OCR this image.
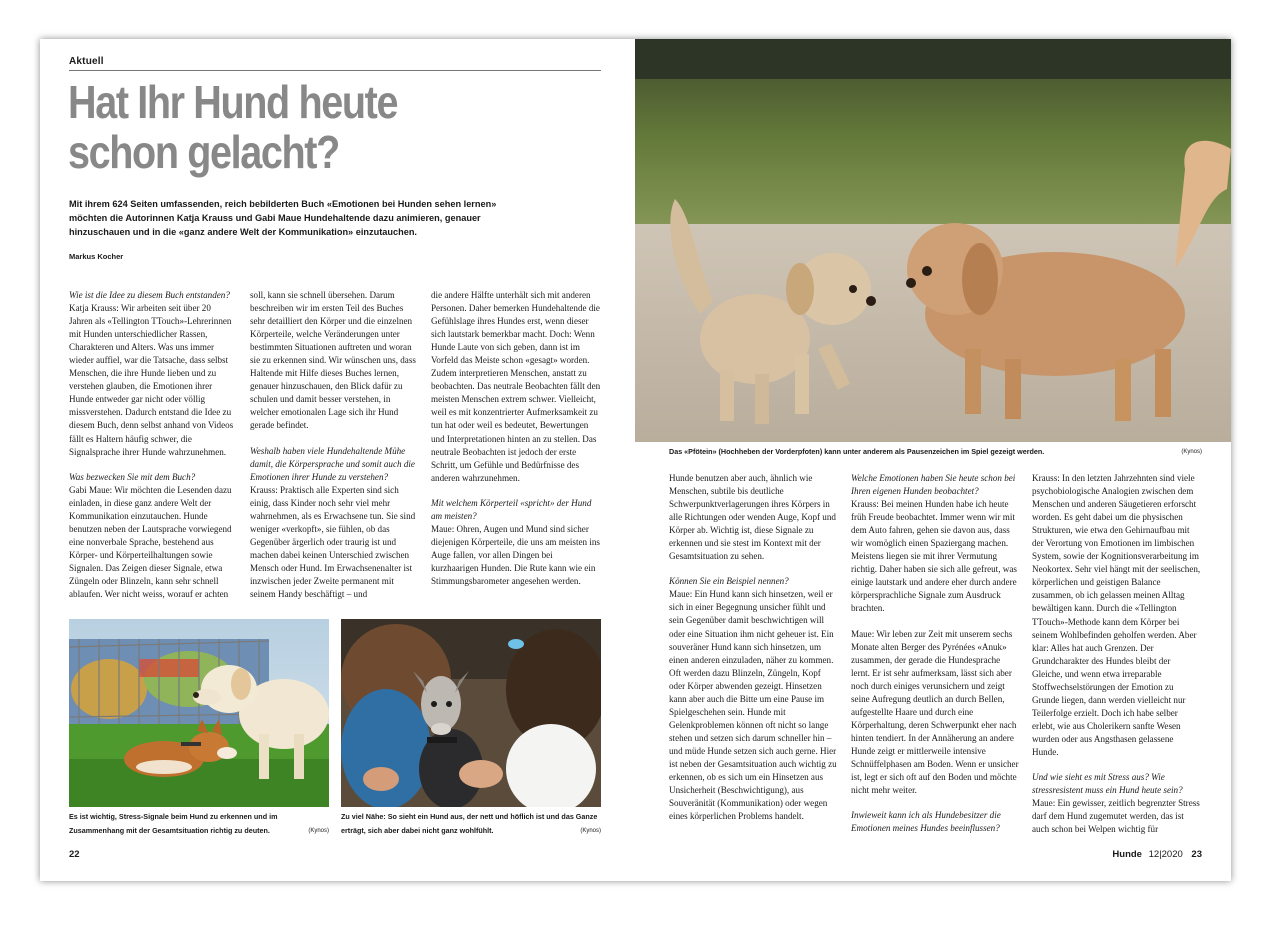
Aktuell
Hat Ihr Hund heute
schon gelacht?
Mit ihrem 624 Seiten umfassenden, reich bebilderten Buch «Emotionen bei Hunden sehen lernen» möchten die Autorinnen Katja Krauss und Gabi Maue Hundehaltende dazu animieren, genauer hinzuschauen und in die «ganz andere Welt der Kommunikation» einzutauchen.
Markus Kocher

Wie ist die Idee zu diesem Buch entstanden?
Katja Krauss: Wir arbeiten seit über 20 Jahren als «Tellington TTouch»-Lehrerinnen mit Hunden unterschiedlicher Rassen, Charakteren und Alters. Was uns immer wieder auffiel, war die Tatsache, dass selbst Menschen, die ihre Hunde lieben und zu verstehen glauben, die Emotionen ihrer Hunde entweder gar nicht oder völlig missverstehen. Dadurch entstand die Idee zu diesem Buch, denn selbst anhand von Videos fällt es Haltern häufig schwer, die Signalsprache ihrer Hunde wahrzunehmen.

Was bezwecken Sie mit dem Buch?
Gabi Maue: Wir möchten die Lesenden dazu einladen, in diese ganz andere Welt der Kommunikation einzutauchen. Hunde benutzen neben der Lautsprache vorwiegend eine nonverbale Sprache, bestehend aus Körper- und Körperteilhaltungen sowie Signalen. Das Zeigen dieser Signale, etwa Züngeln oder Blinzeln, kann sehr schnell ablaufen. Wer nicht weiss, worauf er achten

soll, kann sie schnell übersehen. Darum beschreiben wir im ersten Teil des Buches sehr detailliert den Körper und die einzelnen Körperteile, welche Veränderungen unter bestimmten Situationen auftreten und woran sie zu erkennen sind. Wir wünschen uns, dass Haltende mit Hilfe dieses Buches lernen, genauer hinzuschauen, den Blick dafür zu schulen und damit besser verstehen, in welcher emotionalen Lage sich ihr Hund gerade befindet.

Weshalb haben viele Hundehaltende Mühe damit, die Körpersprache und somit auch die Emotionen ihrer Hunde zu verstehen?
Krauss: Praktisch alle Experten sind sich einig, dass Kinder noch sehr viel mehr wahrnehmen, als es Erwachsene tun. Sie sind weniger «verkopft», sie fühlen, ob das Gegenüber ärgerlich oder traurig ist und machen dabei keinen Unterschied zwischen Mensch oder Hund. Im Erwachsenenalter ist inzwischen jeder Zweite permanent mit seinem Handy beschäftigt – und

die andere Hälfte unterhält sich mit anderen Personen. Daher bemerken Hundehaltende die Gefühlslage ihres Hundes erst, wenn dieser sich lautstark bemerkbar macht. Doch: Wenn Hunde Laute von sich geben, dann ist im Vorfeld das Meiste schon «gesagt» worden. Zudem interpretieren Menschen, anstatt zu beobachten. Das neutrale Beobachten fällt den meisten Menschen extrem schwer. Vielleicht, weil es mit konzentrierter Aufmerksamkeit zu tun hat oder weil es bedeutet, Bewertungen und Interpretationen hinten an zu stellen. Das neutrale Beobachten ist jedoch der erste Schritt, um Gefühle und Bedürfnisse des anderen wahrzunehmen.

Mit welchem Körperteil «spricht» der Hund am meisten?
Maue: Ohren, Augen und Mund sind sicher diejenigen Körperteile, die uns am meisten ins Auge fallen, vor allen Dingen bei kurzhaarigen Hunden. Die Rute kann wie ein Stimmungsbarometer angesehen werden.

Es ist wichtig, Stress-Signale beim Hund zu erkennen und im Zusammenhang mit der Gesamtsituation richtig zu deuten.	(Kynos)
Zu viel Nähe: So sieht ein Hund aus, der nett und höflich ist und das Ganze erträgt, sich aber dabei nicht ganz wohlfühlt.	(Kynos)
22
Das «Pfötein» (Hochheben der Vorderpfoten) kann unter anderem als Pausenzeichen im Spiel gezeigt werden.	(Kynos)

Hunde benutzen aber auch, ähnlich wie Menschen, subtile bis deutliche Schwerpunktverlagerungen ihres Körpers in alle Richtungen oder wenden Auge, Kopf und Körper ab. Wichtig ist, diese Signale zu erkennen und sie stest im Kontext mit der Gesamtsituation zu sehen.

Können Sie ein Beispiel nennen?
Maue: Ein Hund kann sich hinsetzen, weil er sich in einer Begegnung unsicher fühlt und sein Gegenüber damit beschwichtigen will oder eine Situation ihm nicht geheuer ist. Ein souveräner Hund kann sich hinsetzen, um einen anderen einzuladen, näher zu kommen. Oft werden dazu Blinzeln, Züngeln, Kopf oder Körper abwenden gezeigt. Hinsetzen kann aber auch die Bitte um eine Pause im Spielgeschehen sein. Hunde mit Gelenkproblemen können oft nicht so lange stehen und setzen sich darum schneller hin – und müde Hunde setzen sich auch gerne. Hier ist neben der Gesamtsituation auch wichtig zu erkennen, ob es sich um ein Hinsetzen aus Unsicherheit (Beschwichtigung), aus Souveränität (Kommunikation) oder wegen eines körperlichen Problems handelt.

Welche Emotionen haben Sie heute schon bei Ihren eigenen Hunden beobachtet?
Krauss: Bei meinen Hunden habe ich heute früh Freude beobachtet. Immer wenn wir mit dem Auto fahren, gehen sie davon aus, dass wir womöglich einen Spaziergang machen. Meistens liegen sie mit ihrer Vermutung richtig. Daher haben sie sich alle gefreut, was einige lautstark und andere eher durch andere körpersprachliche Signale zum Ausdruck brachten.

Maue: Wir leben zur Zeit mit unserem sechs Monate alten Berger des Pyrénées «Anuk» zusammen, der gerade die Hundesprache lernt. Er ist sehr aufmerksam, lässt sich aber noch durch einiges verunsichern und zeigt seine Aufregung deutlich an durch Bellen, aufgestellte Haare und durch eine Körperhaltung, deren Schwerpunkt eher nach hinten tendiert. In der Annäherung an andere Hunde zeigt er mittlerweile intensive Schnüffelphasen am Boden. Wenn er unsicher ist, legt er sich oft auf den Boden und möchte nicht mehr weiter.

Inwieweit kann ich als Hundebesitzer die Emotionen meines Hundes beeinflussen?

Krauss: In den letzten Jahrzehnten sind viele psychobiologische Analogien zwischen dem Menschen und anderen Säugetieren erforscht worden. Es geht dabei um die physischen Strukturen, wie etwa den Gehirnaufbau mit der Verortung von Emotionen im limbischen System, sowie der Kognitionsverarbeitung im Neokortex. Sehr viel hängt mit der seelischen, körperlichen und geistigen Balance zusammen, ob ich gelassen meinen Alltag bewältigen kann. Durch die «Tellington TTouch»-Methode kann dem Körper bei seinem Wohlbefinden geholfen werden. Aber klar: Alles hat auch Grenzen. Der Grundcharakter des Hundes bleibt der Gleiche, und wenn etwa irreparable Stoffwechselstörungen der Emotion zu Grunde liegen, dann werden vielleicht nur Teilerfolge erzielt. Doch ich habe selber erlebt, wie aus Cholerikern sanfte Wesen wurden oder aus Angsthasen gelassene Hunde.

Und wie sieht es mit Stress aus? Wie stressresistent muss ein Hund heute sein?
Maue: Ein gewisser, zeitlich begrenzter Stress darf dem Hund zugemutet werden, das ist auch schon bei Welpen wichtig für

Hunde 12|2020 23
